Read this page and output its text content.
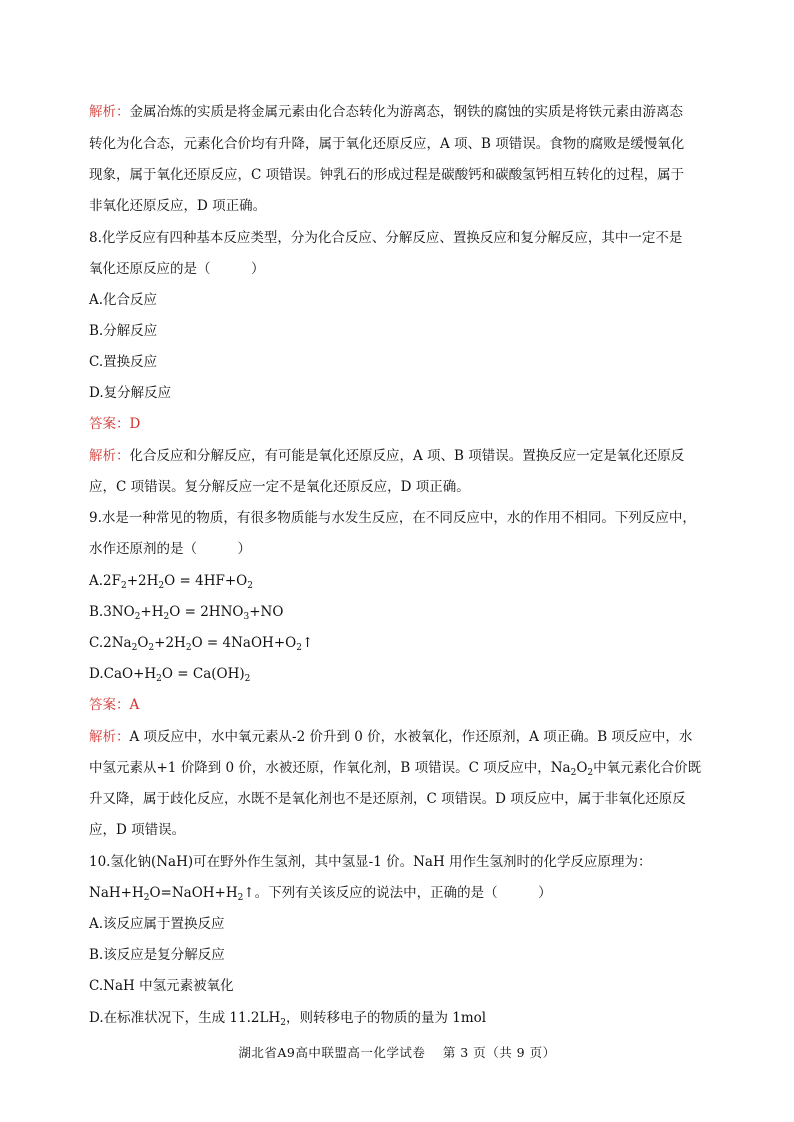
解析：金属冶炼的实质是将金属元素由化合态转化为游离态，钢铁的腐蚀的实质是将铁元素由游离态
转化为化合态，元素化合价均有升降，属于氧化还原反应，A 项、B 项错误。食物的腐败是缓慢氧化
现象，属于氧化还原反应，C 项错误。钟乳石的形成过程是碳酸钙和碳酸氢钙相互转化的过程，属于
非氧化还原反应，D 项正确。
8.化学反应有四种基本反应类型，分为化合反应、分解反应、置换反应和复分解反应，其中一定不是
氧化还原反应的是（　　　）
A.化合反应
B.分解反应
C.置换反应
D.复分解反应
答案：D
解析：化合反应和分解反应，有可能是氧化还原反应，A 项、B 项错误。置换反应一定是氧化还原反
应，C 项错误。复分解反应一定不是氧化还原反应，D 项正确。
9.水是一种常见的物质，有很多物质能与水发生反应，在不同反应中，水的作用不相同。下列反应中，
水作还原剂的是（　　　）
$A.2F_2+2H_2O = 4HF+O_2$
$B.3NO_2+H_2O = 2HNO_3+NO$
$C.2Na_2O_2+2H_2O$ = $4NaOH+O_2↑$
$D.CaO+H_2O = Ca(OH)_2$
答案：A
解析：A 项反应中，水中氧元素从-2 价升到 0 价，水被氧化，作还原剂，A 项正确。B 项反应中，水
中氢元素从+1 价降到 0 价，水被还原，作氧化剂，B 项错误。C 项反应中，$Na_2O_2$中氧元素化合价既
升又降，属于歧化反应，水既不是氧化剂也不是还原剂，C 项错误。D 项反应中，属于非氧化还原反
应，D 项错误。
10.氢化钠(NaH)可在野外作生氢剂，其中氢显-1 价。NaH 用作生氢剂时的化学反应原理为：
$NaH+H_2O=NaOH+H_2↑$。下列有关该反应的说法中，正确的是（　　　）
A.该反应属于置换反应
B.该反应是复分解反应
C.NaH 中氢元素被氧化
D.在标准状况下，生成 $11.2LH_2$，则转移电子的物质的量为 1mol
湖北省A9高中联盟高一化学试卷　 第 3 页（共 9 页）
